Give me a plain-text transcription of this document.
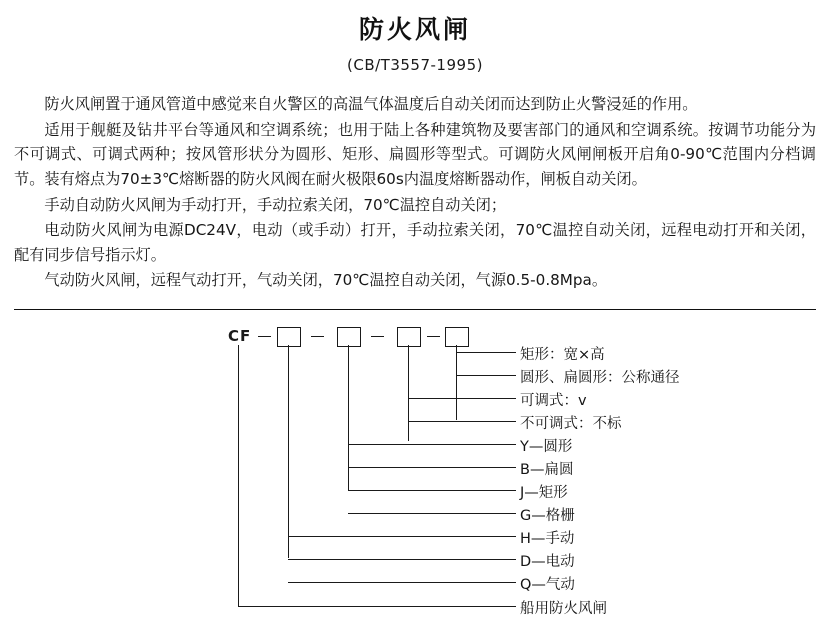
防火风闸
(CB/T3557-1995)

防火风闸置于通风管道中感觉来自火警区的高温气体温度后自动关闭而达到防止火警浸延的作用。

适用于舰艇及钻井平台等通风和空调系统；也用于陆上各种建筑物及要害部门的通风和空调系统。按调节功能分为不可调式、可调式两种；按风管形状分为圆形、矩形、扁圆形等型式。可调防火风闸闸板开启角0-90℃范围内分档调节。装有熔点为70±3℃熔断器的防火风阀在耐火极限60s内温度熔断器动作，闸板自动关闭。

手动自动防火风闸为手动打开，手动拉索关闭，70℃温控自动关闭；

电动防火风闸为电源DC24V，电动（或手动）打开，手动拉索关闭，70℃温控自动关闭，远程电动打开和关闭，配有同步信号指示灯。

气动防火风闸，远程气动打开，气动关闭，70℃温控自动关闭，气源0.5-0.8Mpa。

CF
矩形：宽×高
圆形、扁圆形：公称通径
可调式：v
不可调式：不标
Y—圆形
B—扁圆
J—矩形
G—格栅
H—手动
D—电动
Q—气动
船用防火风闸
